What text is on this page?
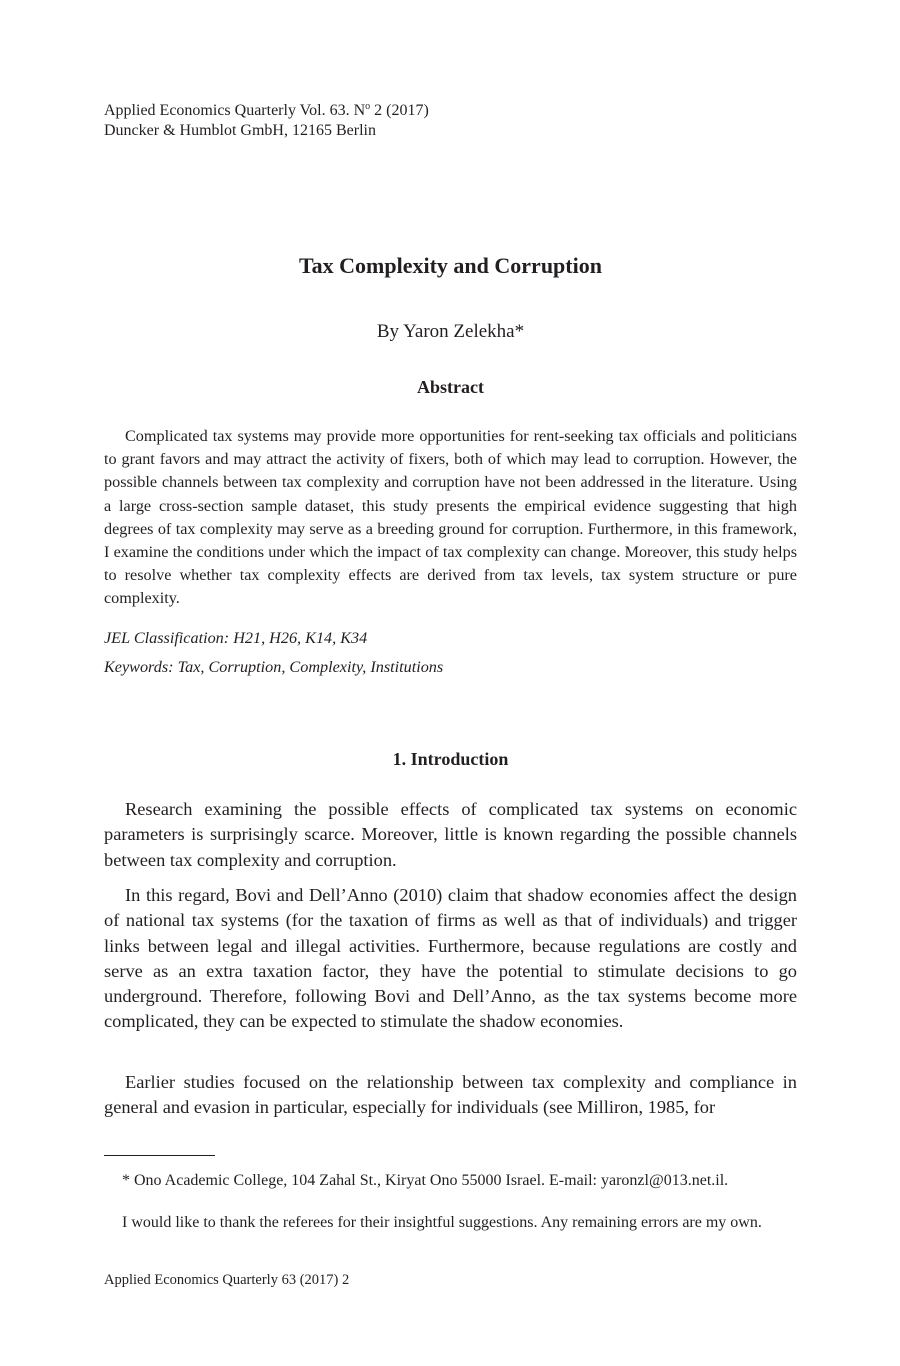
Applied Economics Quarterly Vol. 63. $N^o$ 2 (2017)
Duncker & Humblot GmbH, 12165 Berlin
Tax Complexity and Corruption
By Yaron Zelekha*
Abstract

Complicated tax systems may provide more opportunities for rent-seeking tax officials and politicians to grant favors and may attract the activity of fixers, both of which may lead to corruption. However, the possible channels between tax complexity and corruption have not been addressed in the literature. Using a large cross-section sample dataset, this study presents the empirical evidence suggesting that high degrees of tax complexity may serve as a breeding ground for corruption. Furthermore, in this framework, I examine the conditions under which the impact of tax complexity can change. Moreover, this study helps to resolve whether tax complexity effects are derived from tax levels, tax system structure or pure complexity.

JEL Classification: H21, H26, K14, K34
Keywords: Tax, Corruption, Complexity, Institutions
1. Introduction

Research examining the possible effects of complicated tax systems on economic parameters is surprisingly scarce. Moreover, little is known regarding the possible channels between tax complexity and corruption.

In this regard, Bovi and Dell’Anno (2010) claim that shadow economies affect the design of national tax systems (for the taxation of firms as well as that of individuals) and trigger links between legal and illegal activities. Furthermore, because regulations are costly and serve as an extra taxation factor, they have the potential to stimulate decisions to go underground. Therefore, following Bovi and Dell’Anno, as the tax systems become more complicated, they can be expected to stimulate the shadow economies.

Earlier studies focused on the relationship between tax complexity and compliance in general and evasion in particular, especially for individuals (see Milliron, 1985, for

* Ono Academic College, 104 Zahal St., Kiryat Ono 55000 Israel. E-mail: yaronzl@013.​net.il.

I would like to thank the referees for their insightful suggestions. Any remaining errors are my own.

Applied Economics Quarterly 63 (2017) 2
